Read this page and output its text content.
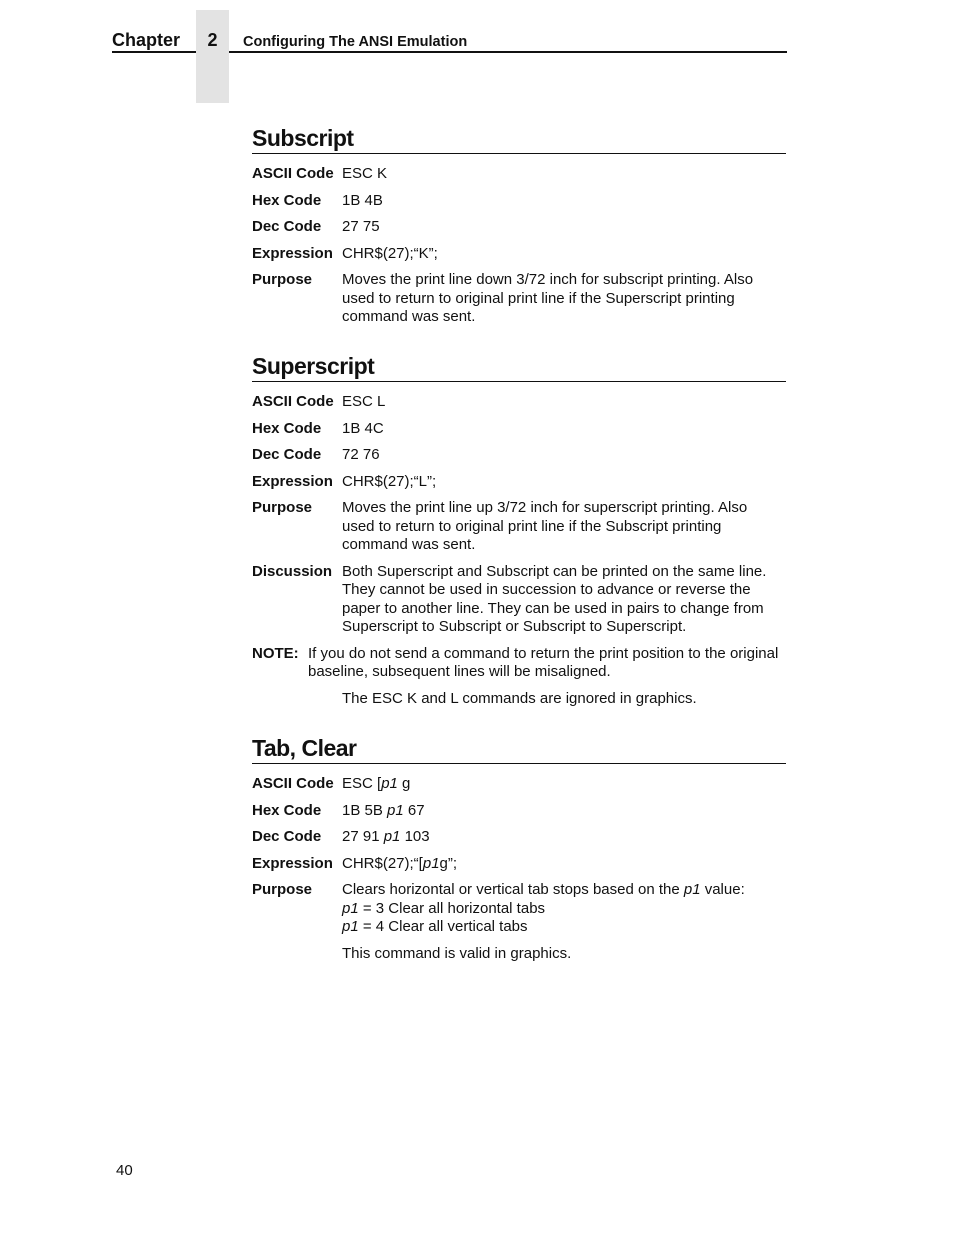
Chapter	2	Configuring The ANSI Emulation
Subscript
ASCII Code ESC K
Hex Code 1B 4B
Dec Code 27 75
Expression CHR$(27);“K”;
Purpose Moves the print line down 3/72 inch for subscript printing. Also
used to return to original print line if the Superscript printing
command was sent.
Superscript
ASCII Code ESC L
Hex Code 1B 4C
Dec Code 72 76
Expression CHR$(27);“L”;
Purpose Moves the print line up 3/72 inch for superscript printing. Also
used to return to original print line if the Subscript printing
command was sent.
Discussion Both Superscript and Subscript can be printed on the same line.
They cannot be used in succession to advance or reverse the
paper to another line. They can be used in pairs to change from
Superscript to Subscript or Subscript to Superscript.
NOTE: If you do not send a command to return the print position to the original baseline, subsequent lines will be misaligned.
The ESC K and L commands are ignored in graphics.
Tab, Clear
ASCII Code ESC [p1 g
Hex Code 1B 5B p1 67
Dec Code 27 91 p1 103
Expression CHR$(27);“[p1g”;
Purpose Clears horizontal or vertical tab stops based on the p1 value:
p1 = 3 Clear all horizontal tabs
p1 = 4 Clear all vertical tabs
This command is valid in graphics.
40
